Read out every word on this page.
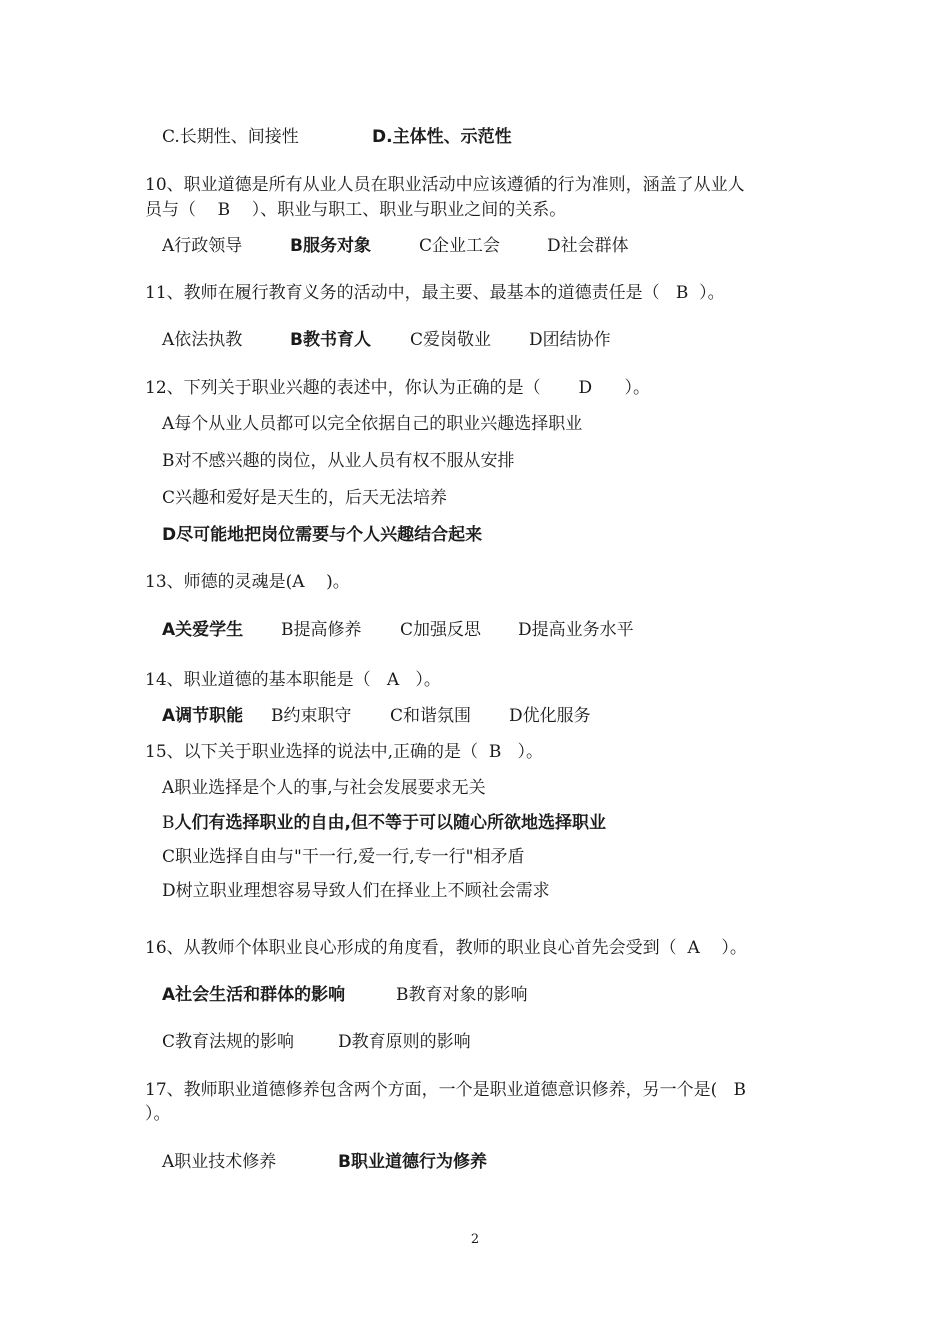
C.长期性、间接性	D.主体性、示范性
10、职业道德是所有从业人员在职业活动中应该遵循的行为准则，涵盖了从业人
员与（    B    ）、职业与职工、职业与职业之间的关系。
A行政领导	B服务对象	C企业工会	D社会群体
11、教师在履行教育义务的活动中，最主要、最基本的道德责任是（   B  ）。
A依法执教	B教书育人 C爱岗敬业 D团结协作
12、下列关于职业兴趣的表述中，你认为正确的是（       D      ）。
A每个从业人员都可以完全依据自己的职业兴趣选择职业
B对不感兴趣的岗位，从业人员有权不服从安排
C兴趣和爱好是天生的，后天无法培养
D尽可能地把岗位需要与个人兴趣结合起来
13、师德的灵魂是(A    )。
A关爱学生 B提高修养 C加强反思 D提高业务水平
14、职业道德的基本职能是（   A   ）。
A调节职能 B约束职守 C和谐氛围 D优化服务
15、以下关于职业选择的说法中,正确的是（  B   ）。
A职业选择是个人的事,与社会发展要求无关
B人们有选择职业的自由,但不等于可以随心所欲地选择职业
C职业选择自由与"干一行,爱一行,专一行"相矛盾
D树立职业理想容易导致人们在择业上不顾社会需求
16、从教师个体职业良心形成的角度看，教师的职业良心首先会受到（  A    ）。
A社会生活和群体的影响	B教育对象的影响
C教育法规的影响	D教育原则的影响
17、教师职业道德修养包含两个方面，一个是职业道德意识修养，另一个是(   B
）。
A职业技术修养	B职业道德行为修养
2
